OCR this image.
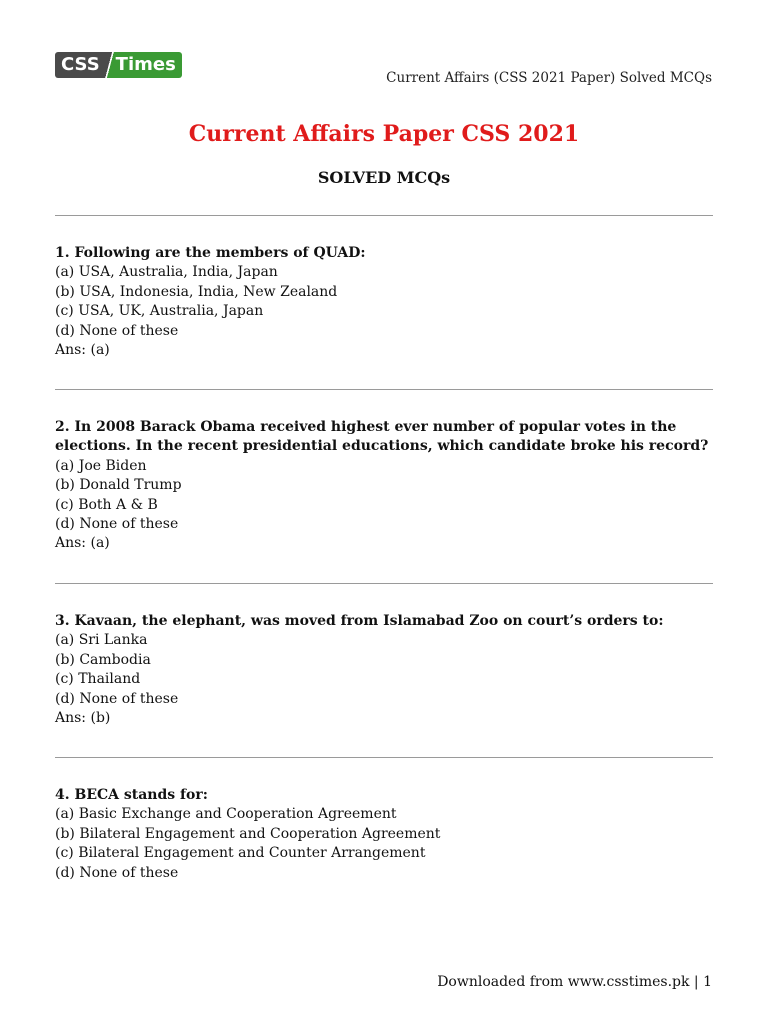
CSS Times
Current Affairs (CSS 2021 Paper) Solved MCQs
Current Affairs Paper CSS 2021
SOLVED MCQs
1. Following are the members of QUAD:
(a) USA, Australia, India, Japan
(b) USA, Indonesia, India, New Zealand
(c) USA, UK, Australia, Japan
(d) None of these
Ans: (a)
2. In 2008 Barack Obama received highest ever number of popular votes in the elections. In the recent presidential educations, which candidate broke his record?
(a) Joe Biden
(b) Donald Trump
(c) Both A & B
(d) None of these
Ans: (a)
3. Kavaan, the elephant, was moved from Islamabad Zoo on court’s orders to:
(a) Sri Lanka
(b) Cambodia
(c) Thailand
(d) None of these
Ans: (b)
4. BECA stands for:
(a) Basic Exchange and Cooperation Agreement
(b) Bilateral Engagement and Cooperation Agreement
(c) Bilateral Engagement and Counter Arrangement
(d) None of these
Downloaded from www.csstimes.pk | 1
